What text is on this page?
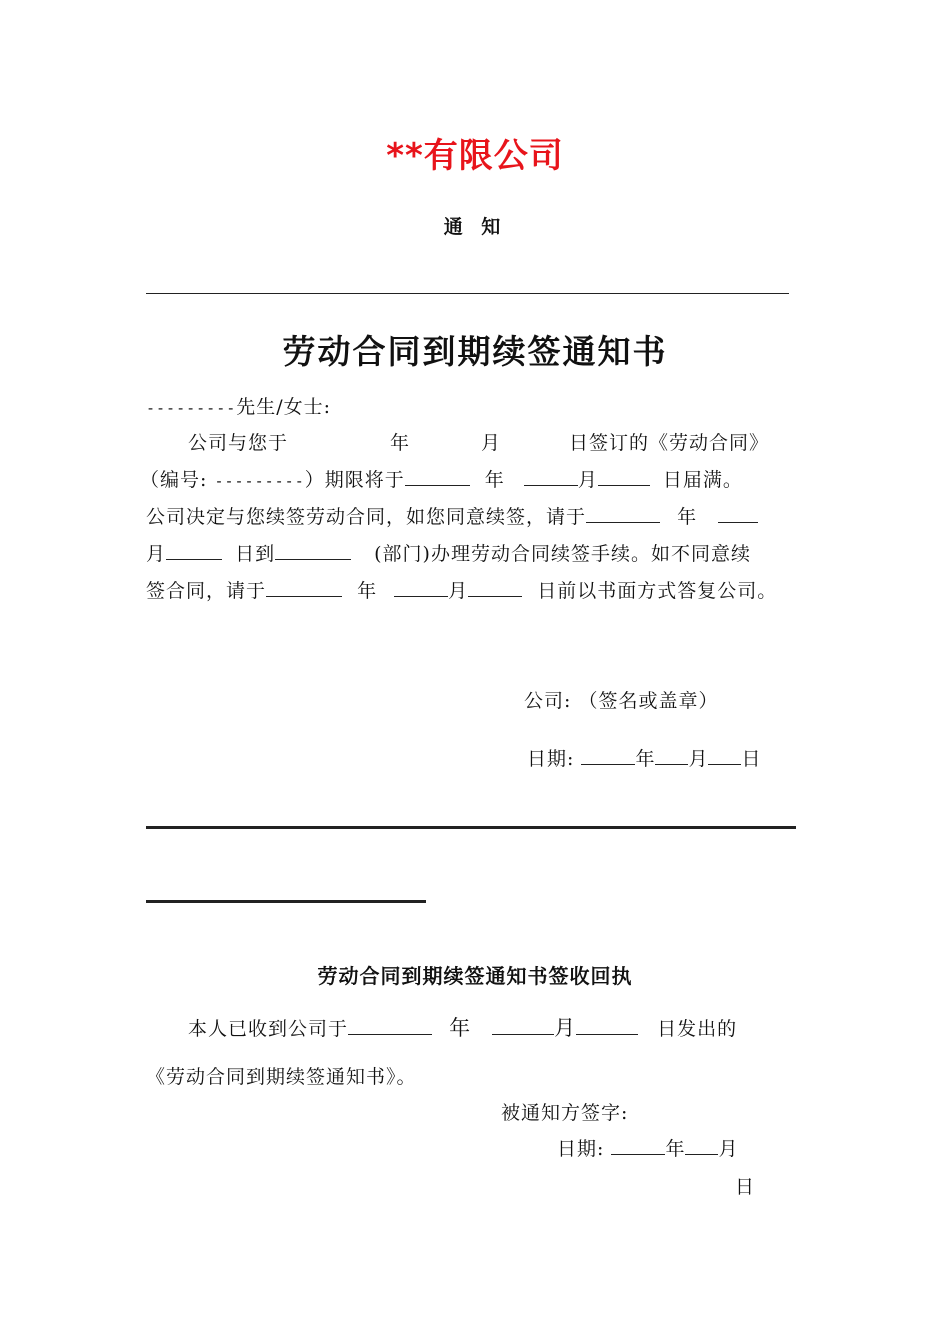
**有限公司
通 知
劳动合同到期续签通知书
---------先生/女士:
公司与您于	年	月	日签订的《劳动合同》
（编号: ---------）期限将于	年	月	日届满。
公司决定与您续签劳动合同，如您同意续签，请于	年
月	日到	(部门)办理劳动合同续签手续。如不同意续
签合同，请于	年	月	日前以书面方式答复公司。
公司: （签名或盖章）
日期:	年 月 日
劳动合同到期续签通知书签收回执
本人已收到公司于	年	月	日发出的
《劳动合同到期续签通知书》。
被通知方签字:
日期:	年 月
日
